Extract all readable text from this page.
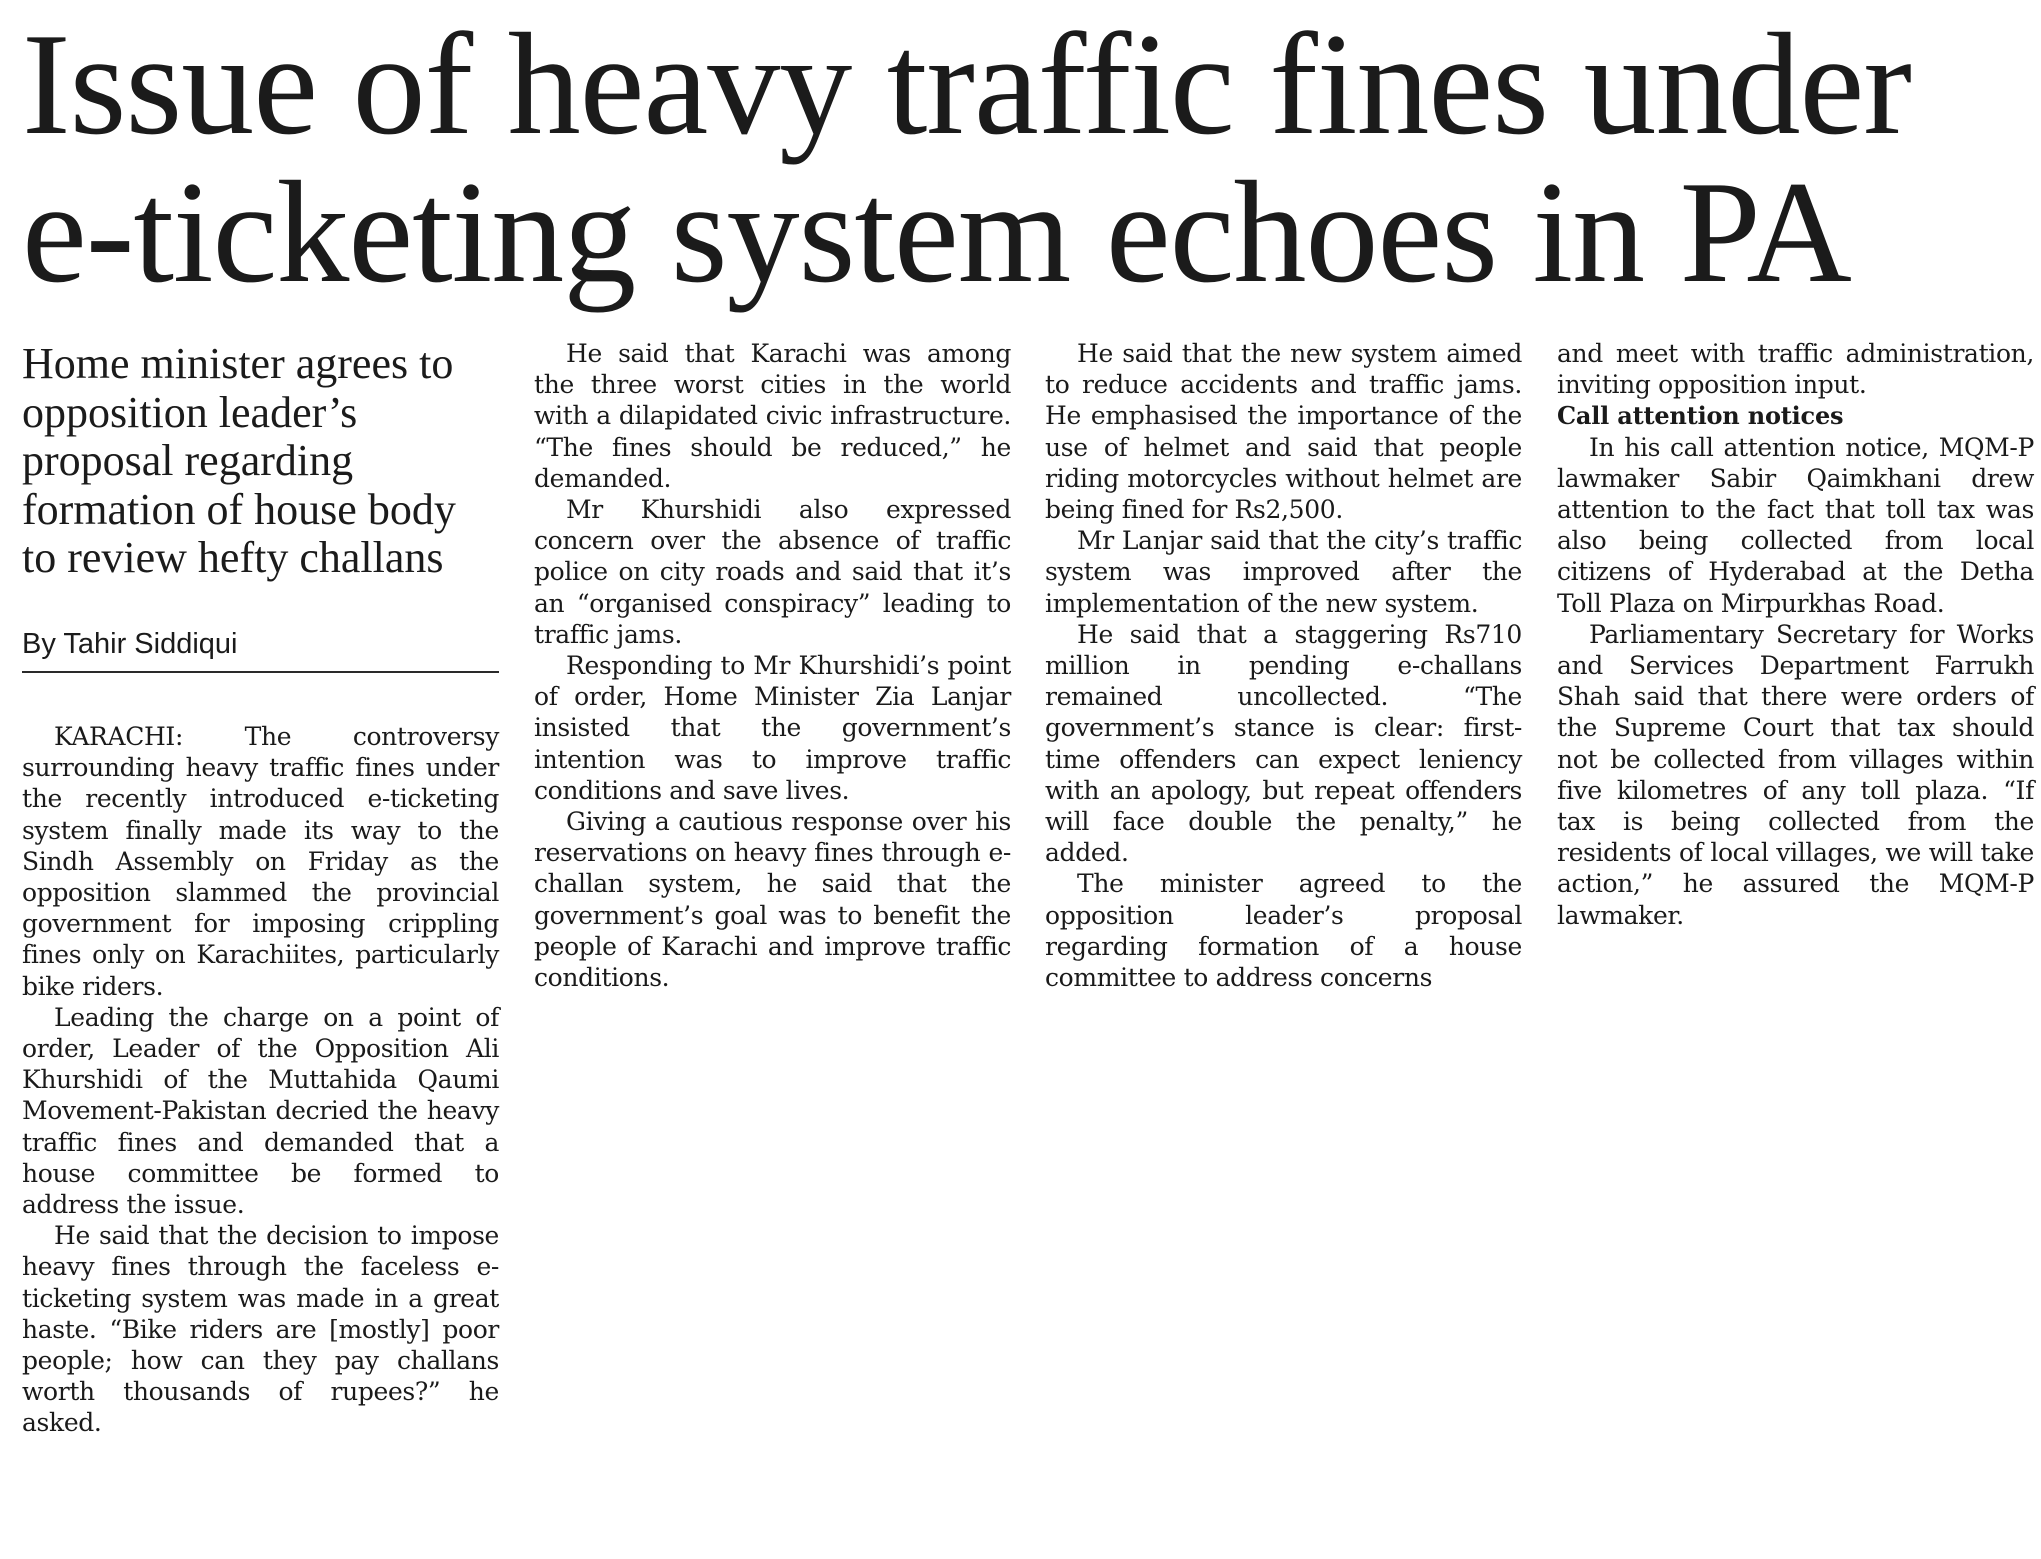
Issue of heavy traffic fines under
e-ticketing system echoes in PA
Home minister agrees to opposition leader’s proposal regarding formation of house body to review hefty challans
By Tahir Siddiqui

KARACHI: The controversy surrounding heavy traffic fines under the recently introduced e-ticketing system finally made its way to the Sindh Assembly on Friday as the opposition slammed the provincial government for imposing crippling fines only on Karachiites, particularly bike riders.

Leading the charge on a point of order, Leader of the Opposition Ali Khurshidi of the Muttahida Qaumi Movement-Pakistan decried the heavy traffic fines and demanded that a house committee be formed to address the issue.

He said that the decision to impose heavy fines through the faceless e-ticketing system was made in a great haste. “Bike riders are [mostly] poor people; how can they pay challans worth thousands of rupees?” he asked.

He said that Karachi was among the three worst cities in the world with a dilapidated civic infrastructure. “The fines should be reduced,” he demanded.

Mr Khurshidi also expressed concern over the absence of traffic police on city roads and said that it’s an “organised conspiracy” leading to traffic jams.

Responding to Mr Khurshidi’s point of order, Home Minister Zia Lanjar insisted that the government’s intention was to improve traffic conditions and save lives.

Giving a cautious response over his reservations on heavy fines through e-challan system, he said that the government’s goal was to benefit the people of Karachi and improve traffic conditions.

He said that the new system aimed to reduce accidents and traffic jams. He emphasised the importance of the use of helmet and said that people riding motorcycles without helmet are being fined for Rs2,500.

Mr Lanjar said that the city’s traffic system was improved after the implementation of the new system.

He said that a staggering Rs710 million in pending e-challans remained uncollected. “The government’s stance is clear: first-time offenders can expect leniency with an apology, but repeat offenders will face double the penalty,” he added.

The minister agreed to the opposition leader’s proposal regarding formation of a house committee to address concerns

and meet with traffic administration, inviting opposition input.

Call attention notices

In his call attention notice, MQM-P lawmaker Sabir Qaimkhani drew attention to the fact that toll tax was also being collected from local citizens of Hyderabad at the Detha Toll Plaza on Mirpurkhas Road.

Parliamentary Secretary for Works and Services Department Farrukh Shah said that there were orders of the Supreme Court that tax should not be collected from villages within five kilometres of any toll plaza. “If tax is being collected from the residents of local villages, we will take action,” he assured the MQM-P lawmaker.
